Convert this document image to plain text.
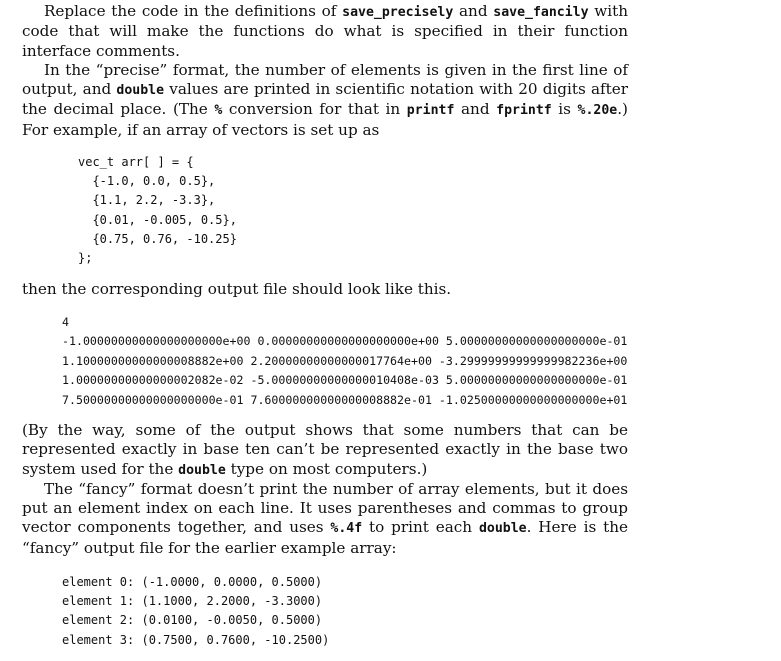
Replace the code in the definitions of save_precisely and save_fancily with code that will make the functions do what is specified in their function interface comments.

In the “precise” format, the number of elements is given in the first line of output, and double values are printed in scientific notation with 20 digits after the decimal place. (The % conversion for that in printf and fprintf is %.20e.) For example, if an array of vectors is set up as

vec_t arr[ ] = {
{-1.0, 0.0, 0.5},
{1.1, 2.2, -3.3},
{0.01, -0.005, 0.5},
{0.75, 0.76, -10.25}
};

then the corresponding output file should look like this.

4
-1.00000000000000000000e+00 0.00000000000000000000e+00 5.00000000000000000000e-01
1.10000000000000008882e+00 2.20000000000000017764e+00 -3.29999999999999982236e+00
1.00000000000000002082e-02 -5.00000000000000010408e-03 5.00000000000000000000e-01
7.50000000000000000000e-01 7.60000000000000008882e-01 -1.02500000000000000000e+01

(By the way, some of the output shows that some numbers that can be represented exactly in base ten can’t be represented exactly in the base two system used for the double type on most computers.)

The “fancy” format doesn’t print the number of array elements, but it does put an element index on each line. It uses parentheses and commas to group vector components together, and uses %.4f to print each double. Here is the “fancy” output file for the earlier example array:

element 0: (-1.0000, 0.0000, 0.5000)
element 1: (1.1000, 2.2000, -3.3000)
element 2: (0.0100, -0.0050, 0.5000)
element 3: (0.7500, 0.7600, -10.2500)
